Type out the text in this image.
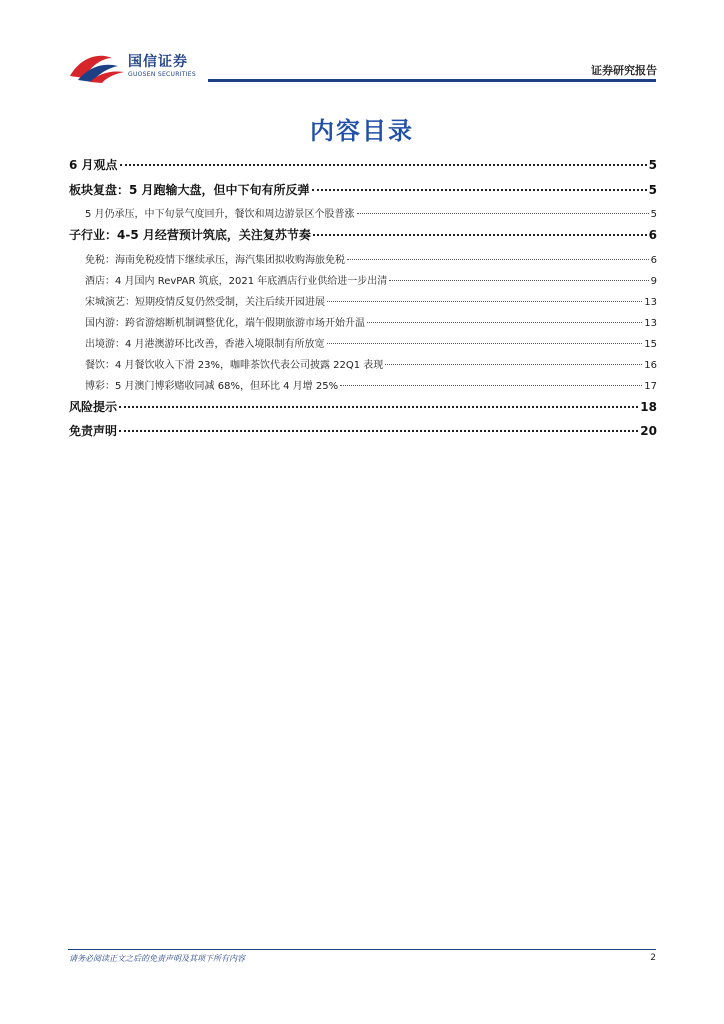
国信证券
GUOSEN SECURITIES	证券研究报告
内容目录
6 月观点	5
板块复盘：5 月跑输大盘，但中下旬有所反弹	5
5 月仍承压，中下旬景气度回升，餐饮和周边游景区个股普涨	5
子行业：4-5 月经营预计筑底，关注复苏节奏	6
免税：海南免税疫情下继续承压，海汽集团拟收购海旅免税	6
酒店：4 月国内 RevPAR 筑底，2021 年底酒店行业供给进一步出清	9
宋城演艺：短期疫情反复仍然受制，关注后续开园进展	13
国内游：跨省游熔断机制调整优化，端午假期旅游市场开始升温	13
出境游：4 月港澳游环比改善，香港入境限制有所放宽	15
餐饮：4 月餐饮收入下滑 23%，咖啡茶饮代表公司披露 22Q1 表现	16
博彩：5 月澳门博彩赌收同减 68%，但环比 4 月增 25%	17
风险提示	18
免责声明	20
请务必阅读正文之后的免责声明及其项下所有内容	2
